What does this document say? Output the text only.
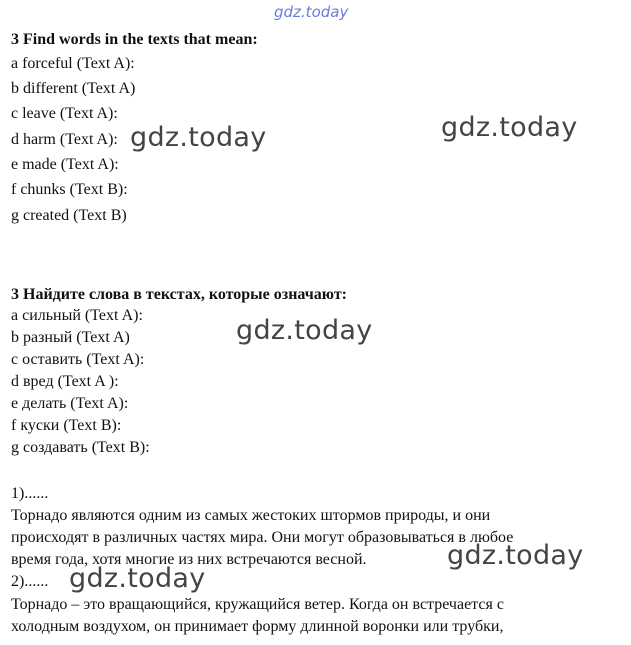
gdz.today
3 Find words in the texts that mean:
a forceful (Text A):
b different (Text A)
c leave (Text A):
d harm (Text A):
e made (Text A):
f chunks (Text B):
g created (Text B)
3 Найдите слова в текстах, которые означают:
a сильный (Text A):
b разный (Text A)
c оставить (Text A):
d вред (Text A ):
e делать (Text A):
f куски (Text B):
g создавать (Text B):
1)......
Торнадо являются одним из самых жестоких штормов природы, и они
происходят в различных частях мира. Они могут образовываться в любое
время года, хотя многие из них встречаются весной.
2)......
Торнадо – это вращающийся, кружащийся ветер. Когда он встречается с
холодным воздухом, он принимает форму длинной воронки или трубки,
gdz.today	gdz.today
gdz.today
gdz.today
gdz.today
